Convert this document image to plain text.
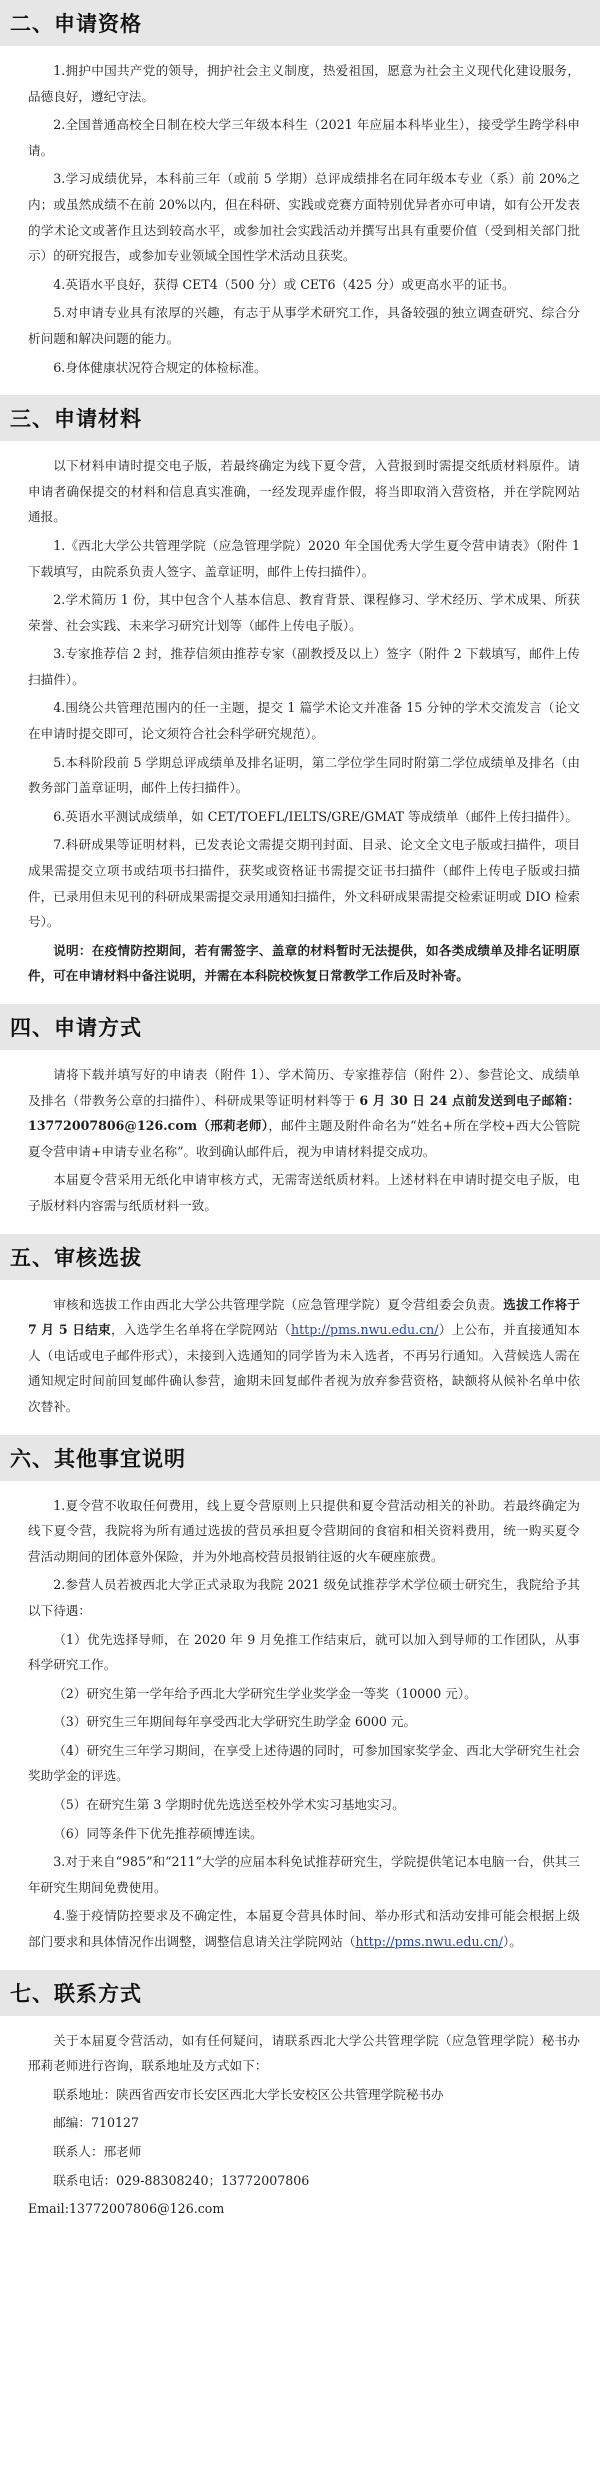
二、申请资格

1.拥护中国共产党的领导，拥护社会主义制度，热爱祖国，愿意为社会主义现代化建设服务，品德良好，遵纪守法。

2.全国普通高校全日制在校大学三年级本科生（2021 年应届本科毕业生），接受学生跨学科申请。

3.学习成绩优异，本科前三年（或前 5 学期）总评成绩排名在同年级本专业（系）前 20%之内；或虽然成绩不在前 20%以内，但在科研、实践或竞赛方面特别优异者亦可申请，如有公开发表的学术论文或著作且达到较高水平，或参加社会实践活动并撰写出具有重要价值（受到相关部门批示）的研究报告，或参加专业领域全国性学术活动且获奖。

4.英语水平良好，获得 CET4（500 分）或 CET6（425 分）或更高水平的证书。

5.对申请专业具有浓厚的兴趣，有志于从事学术研究工作，具备较强的独立调查研究、综合分析问题和解决问题的能力。

6.身体健康状况符合规定的体检标准。

三、申请材料

以下材料申请时提交电子版，若最终确定为线下夏令营，入营报到时需提交纸质材料原件。请申请者确保提交的材料和信息真实准确，一经发现弄虚作假，将当即取消入营资格，并在学院网站通报。

1.《西北大学公共管理学院（应急管理学院）2020 年全国优秀大学生夏令营申请表》（附件 1 下载填写，由院系负责人签字、盖章证明，邮件上传扫描件）。

2.学术简历 1 份，其中包含个人基本信息、教育背景、课程修习、学术经历、学术成果、所获荣誉、社会实践、未来学习研究计划等（邮件上传电子版）。

3.专家推荐信 2 封，推荐信须由推荐专家（副教授及以上）签字（附件 2 下载填写，邮件上传扫描件）。

4.围绕公共管理范围内的任一主题，提交 1 篇学术论文并准备 15 分钟的学术交流发言（论文在申请时提交即可，论文须符合社会科学研究规范）。

5.本科阶段前 5 学期总评成绩单及排名证明，第二学位学生同时附第二学位成绩单及排名（由教务部门盖章证明，邮件上传扫描件）。

6.英语水平测试成绩单，如 CET/TOEFL/IELTS/GRE/GMAT 等成绩单（邮件上传扫描件）。

7.科研成果等证明材料，已发表论文需提交期刊封面、目录、论文全文电子版或扫描件，项目成果需提交立项书或结项书扫描件，获奖或资格证书需提交证书扫描件（邮件上传电子版或扫描件，已录用但未见刊的科研成果需提交录用通知扫描件，外文科研成果需提交检索证明或 DIO 检索号）。

说明：在疫情防控期间，若有需签字、盖章的材料暂时无法提供，如各类成绩单及排名证明原件，可在申请材料中备注说明，并需在本科院校恢复日常教学工作后及时补寄。

四、申请方式

请将下载并填写好的申请表（附件 1）、学术简历、专家推荐信（附件 2）、参营论文、成绩单及排名（带教务公章的扫描件）、科研成果等证明材料等于 6 月 30 日 24 点前发送到电子邮箱：13772007806@126.com（邢莉老师），邮件主题及附件命名为“姓名+所在学校+西大公管院夏令营申请+申请专业名称”。收到确认邮件后，视为申请材料提交成功。

本届夏令营采用无纸化申请审核方式，无需寄送纸质材料。上述材料在申请时提交电子版，电子版材料内容需与纸质材料一致。

五、审核选拔

审核和选拔工作由西北大学公共管理学院（应急管理学院）夏令营组委会负责。选拔工作将于 7 月 5 日结束，入选学生名单将在学院网站（http://pms.nwu.edu.cn/）上公布，并直接通知本人（电话或电子邮件形式），未接到入选通知的同学皆为未入选者，不再另行通知。入营候选人需在通知规定时间前回复邮件确认参营，逾期未回复邮件者视为放弃参营资格，缺额将从候补名单中依次替补。

六、其他事宜说明

1.夏令营不收取任何费用，线上夏令营原则上只提供和夏令营活动相关的补助。若最终确定为线下夏令营，我院将为所有通过选拔的营员承担夏令营期间的食宿和相关资料费用，统一购买夏令营活动期间的团体意外保险，并为外地高校营员报销往返的火车硬座旅费。

2.参营人员若被西北大学正式录取为我院 2021 级免试推荐学术学位硕士研究生，我院给予其以下待遇：

（1）优先选择导师，在 2020 年 9 月免推工作结束后，就可以加入到导师的工作团队，从事科学研究工作。

（2）研究生第一学年给予西北大学研究生学业奖学金一等奖（10000 元）。

（3）研究生三年期间每年享受西北大学研究生助学金 6000 元。

（4）研究生三年学习期间，在享受上述待遇的同时，可参加国家奖学金、西北大学研究生社会奖助学金的评选。

（5）在研究生第 3 学期时优先选送至校外学术实习基地实习。

（6）同等条件下优先推荐硕博连读。

3.对于来自“985”和“211”大学的应届本科免试推荐研究生，学院提供笔记本电脑一台，供其三年研究生期间免费使用。

4.鉴于疫情防控要求及不确定性，本届夏令营具体时间、举办形式和活动安排可能会根据上级部门要求和具体情况作出调整，调整信息请关注学院网站（http://pms.nwu.edu.cn/）。

七、联系方式

关于本届夏令营活动，如有任何疑问，请联系西北大学公共管理学院（应急管理学院）秘书办邢莉老师进行咨询，联系地址及方式如下：

联系地址：陕西省西安市长安区西北大学长安校区公共管理学院秘书办

邮编：710127

联系人：邢老师

联系电话：029-88308240；13772007806

Email:13772007806@126.com
